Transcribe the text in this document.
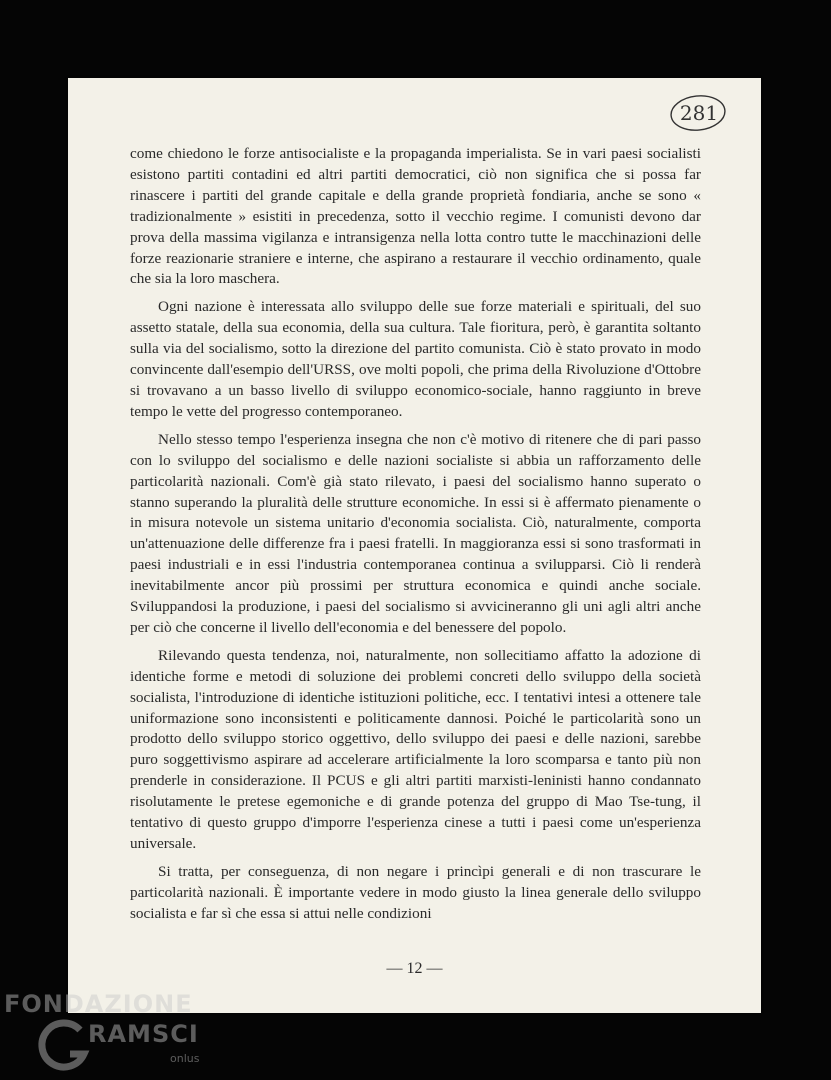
281

come chiedono le forze antisocialiste e la propaganda imperialista. Se in vari paesi socialisti esistono partiti contadini ed altri partiti democratici, ciò non significa che si possa far rinascere i partiti del grande capitale e della grande proprietà fondiaria, anche se sono « tradizionalmente » esistiti in precedenza, sotto il vecchio regime. I comunisti devono dar prova della massima vigilanza e intransigenza nella lotta contro tutte le macchinazioni delle forze reazionarie straniere e interne, che aspirano a restaurare il vecchio ordinamento, quale che sia la loro maschera.

Ogni nazione è interessata allo sviluppo delle sue forze materiali e spirituali, del suo assetto statale, della sua economia, della sua cultura. Tale fioritura, però, è garantita soltanto sulla via del socialismo, sotto la direzione del partito comunista. Ciò è stato provato in modo convincente dall'esempio dell'URSS, ove molti popoli, che prima della Rivoluzione d'Ottobre si trovavano a un basso livello di sviluppo economico-sociale, hanno raggiunto in breve tempo le vette del progresso contemporaneo.

Nello stesso tempo l'esperienza insegna che non c'è motivo di ritenere che di pari passo con lo sviluppo del socialismo e delle nazioni socialiste si abbia un rafforzamento delle particolarità nazionali. Com'è già stato rilevato, i paesi del socialismo hanno superato o stanno superando la pluralità delle strutture economiche. In essi si è affermato pienamente o in misura notevole un sistema unitario d'economia socialista. Ciò, naturalmente, comporta un'attenuazione delle differenze fra i paesi fratelli. In maggioranza essi si sono trasformati in paesi industriali e in essi l'industria contemporanea continua a svilupparsi. Ciò li renderà inevitabilmente ancor più prossimi per struttura economica e quindi anche sociale. Sviluppandosi la produzione, i paesi del socialismo si avvicineranno gli uni agli altri anche per ciò che concerne il livello dell'economia e del benessere del popolo.

Rilevando questa tendenza, noi, naturalmente, non sollecitiamo affatto la adozione di identiche forme e metodi di soluzione dei problemi concreti dello sviluppo della società socialista, l'introduzione di identiche istituzioni politiche, ecc. I tentativi intesi a ottenere tale uniformazione sono inconsistenti e politicamente dannosi. Poiché le particolarità sono un prodotto dello sviluppo storico oggettivo, dello sviluppo dei paesi e delle nazioni, sarebbe puro soggettivismo aspirare ad accelerare artificialmente la loro scomparsa e tanto più non prenderle in considerazione. Il PCUS e gli altri partiti marxisti-leninisti hanno condannato risolutamente le pretese egemoniche e di grande potenza del gruppo di Mao Tse-tung, il tentativo di questo gruppo d'imporre l'esperienza cinese a tutti i paesi come un'esperienza universale.

Si tratta, per conseguenza, di non negare i princìpi generali e di non trascurare le particolarità nazionali. È importante vedere in modo giusto la linea generale dello sviluppo socialista e far sì che essa si attui nelle condizioni

— 12 —
FONDAZIONE
RAMSCI
onlus
